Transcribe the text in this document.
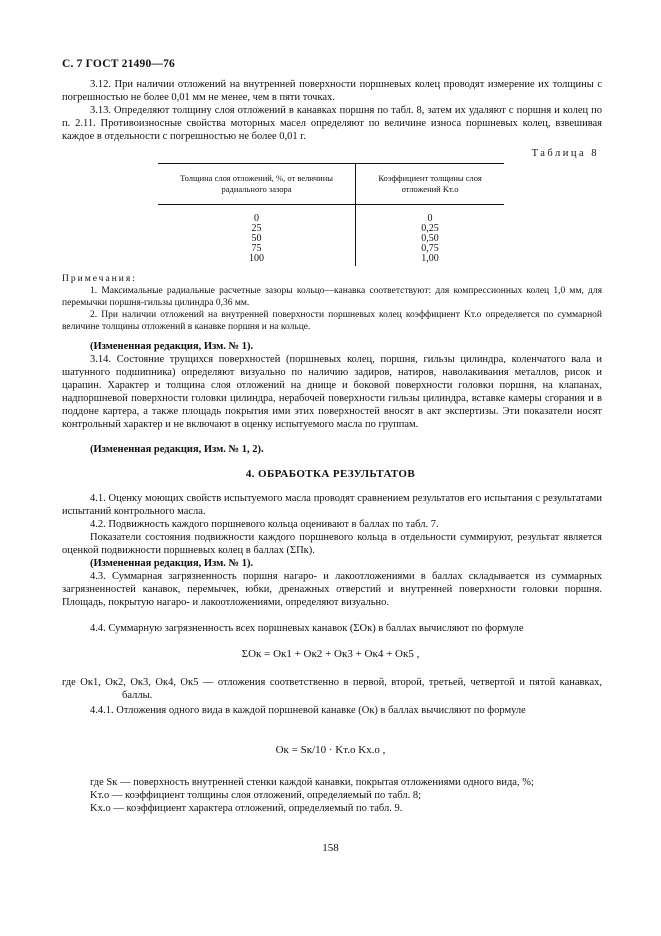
С. 7 ГОСТ 21490—76

3.12. При наличии отложений на внутренней поверхности поршневых колец проводят измерение их толщины с погрешностью не более 0,01 мм не менее, чем в пяти точках.

3.13. Определяют толщину слоя отложений в канавках поршня по табл. 8, затем их удаляют с поршня и колец по п. 2.11. Противоизносные свойства моторных масел определяют по величине износа поршневых колец, взвешивая каждое в отдельности с погрешностью не более 0,01 г.

Таблица 8
Толщина слоя отложений, %, от величины радиального зазора	Коэффициент толщины слоя отложений Kт.о
0	0
25	0,25
50	0,50
75	0,75
100	1,00
Примечания:

1. Максимальные радиальные расчетные зазоры кольцо—канавка соответствуют: для компрессионных колец 1,0 мм, для перемычки поршня-гильзы цилиндра 0,36 мм.

2. При наличии отложений на внутренней поверхности поршневых колец коэффициент Kт.о определяется по суммарной величине толщины отложений в канавке поршня и на кольце.

(Измененная редакция, Изм. № 1).

3.14. Состояние трущихся поверхностей (поршневых колец, поршня, гильзы цилиндра, коленчатого вала и шатунного подшипника) определяют визуально по наличию задиров, натиров, наволакивания металлов, рисок и царапин. Характер и толщина слоя отложений на днище и боковой поверхности головки поршня, на клапанах, надпоршневой поверхности головки цилиндра, нерабочей поверхности гильзы цилиндра, вставке камеры сгорания и в поддоне картера, а также площадь покрытия ими этих поверхностей вносят в акт экспертизы. Эти показатели носят контрольный характер и не включают в оценку испытуемого масла по группам.

(Измененная редакция, Изм. № 1, 2).

4. ОБРАБОТКА РЕЗУЛЬТАТОВ

4.1. Оценку моющих свойств испытуемого масла проводят сравнением результатов его испытания с результатами испытаний контрольного масла.

4.2. Подвижность каждого поршневого кольца оценивают в баллах по табл. 7.

Показатели состояния подвижности каждого поршневого кольца в отдельности суммируют, результат является оценкой подвижности поршневых колец в баллах (ΣПк).

(Измененная редакция, Изм. № 1).

4.3. Суммарная загрязненность поршня нагаро- и лакоотложениями в баллах складывается из суммарных загрязненностей канавок, перемычек, юбки, дренажных отверстий и внутренней поверхности головки поршня. Площадь, покрытую нагаро- и лакоотложениями, определяют визуально.

4.4. Суммарную загрязненность всех поршневых канавок (ΣOк) в баллах вычисляют по формуле

ΣOк = Oк1 + Oк2 + Oк3 + Oк4 + Oк5 ,

где Oк1, Oк2, Oк3, Oк4, Oк5 — отложения соответственно в первой, второй, третьей, четвертой и пятой канавках, баллы.

4.4.1. Отложения одного вида в каждой поршневой канавке (Oк) в баллах вычисляют по формуле

Oк = Sк/10 · Kт.о Kх.о ,

где Sк — поверхность внутренней стенки каждой канавки, покрытая отложениями одного вида, %;

Kт.о — коэффициент толщины слоя отложений, определяемый по табл. 8;

Kх.о — коэффициент характера отложений, определяемый по табл. 9.

158
